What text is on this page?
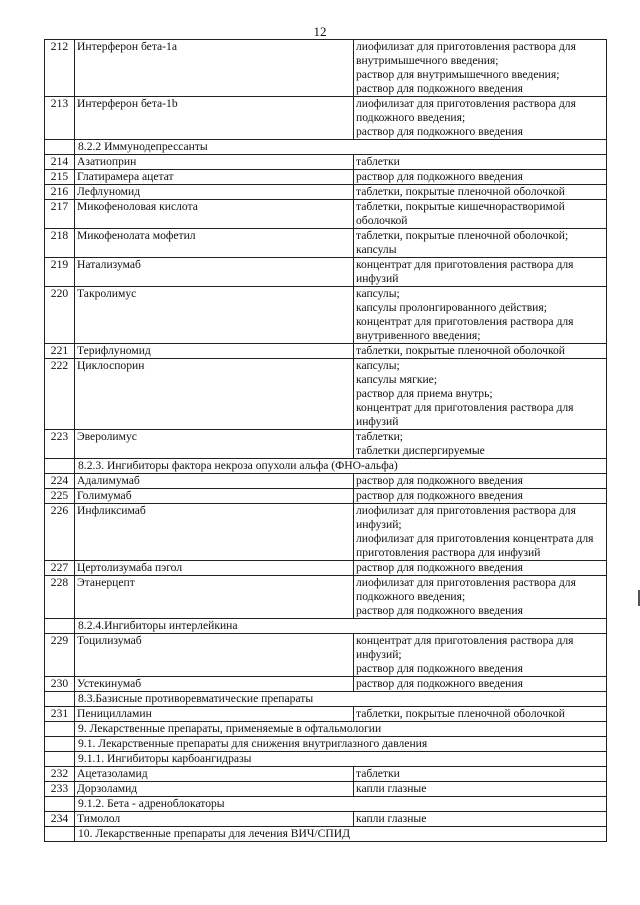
12
212	Интерферон бета-1a	лиофилизат для приготовления раствора для внутримышечного введения;
раствор для внутримышечного введения;
раствор для подкожного введения

213	Интерферон бета-1b	лиофилизат для приготовления раствора для подкожного введения;
раствор для подкожного введения

	8.2.2 Иммунодепрессанты	
214	Азатиоприн	таблетки

215	Глатирамера ацетат	раствор для подкожного введения

216	Лефлуномид	таблетки, покрытые пленочной оболочкой

217	Микофеноловая кислота	таблетки, покрытые кишечнорастворимой оболочкой

218	Микофенолата мофетил	таблетки, покрытые пленочной оболочкой;
капсулы

219	Натализумаб	концентрат для приготовления раствора для инфузий

220	Такролимус	капсулы;
капсулы пролонгированного действия;
концентрат для приготовления раствора для внутривенного введения;

221	Терифлуномид	таблетки, покрытые пленочной оболочкой

222	Циклоспорин	капсулы;
капсулы мягкие;
раствор для приема внутрь;
концентрат для приготовления раствора для инфузий

223	Эверолимус	таблетки;
таблетки диспергируемые

	8.2.3. Ингибиторы фактора некроза опухоли альфа (ФНО-альфа)	
224	Адалимумаб	раствор для подкожного введения

225	Голимумаб	раствор для подкожного введения

226	Инфликсимаб	лиофилизат для приготовления раствора для инфузий;
лиофилизат для приготовления концентрата для приготовления раствора для инфузий

227	Цертолизумаба пэгол	раствор для подкожного введения

228	Этанерцепт	лиофилизат для приготовления раствора для подкожного введения;
раствор для подкожного введения

	8.2.4.Ингибиторы интерлейкина	
229	Тоцилизумаб	концентрат для приготовления раствора для инфузий;
раствор для подкожного введения

230	Устекинумаб	раствор для подкожного введения

	8.3.Базисные противоревматические препараты	
231	Пеницилламин	таблетки, покрытые пленочной оболочкой

	9. Лекарственные препараты, применяемые в офтальмологии	
	9.1. Лекарственные препараты для снижения внутриглазного давления	
	9.1.1. Ингибиторы карбоангидразы	
232	Ацетазоламид	таблетки

233	Дорзоламид	капли глазные

	9.1.2. Бета - адреноблокаторы	
234	Тимолол	капли глазные

	10. Лекарственные препараты для лечения ВИЧ/СПИД	
